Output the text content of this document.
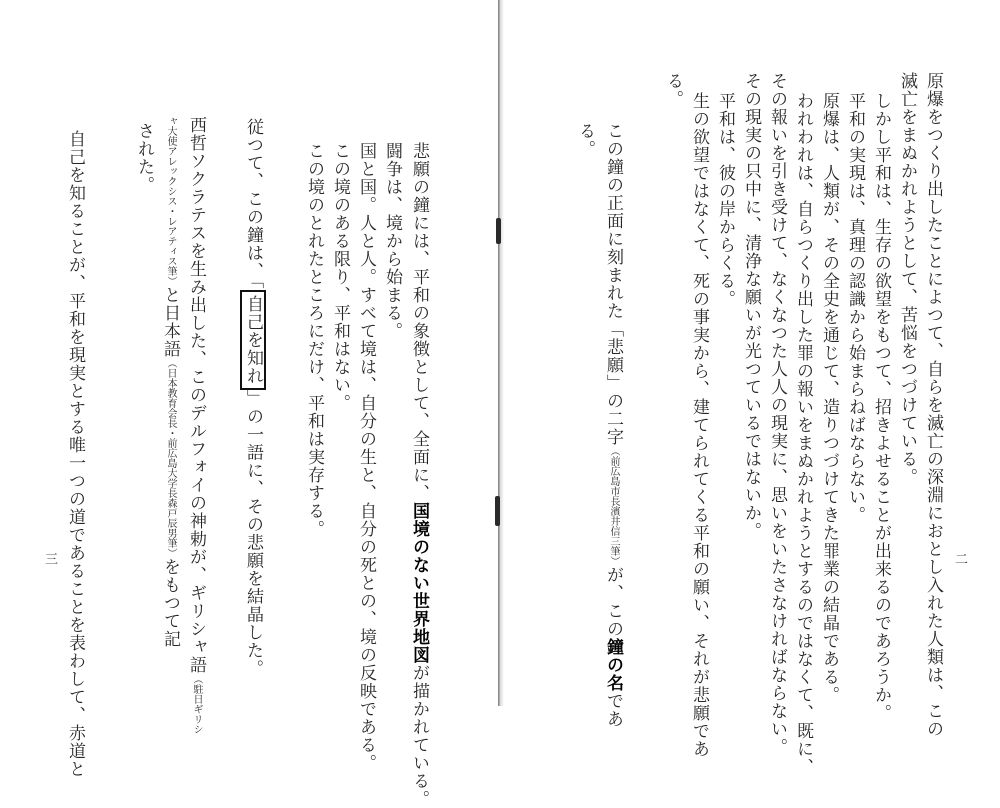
悲願の鐘には、平和の象徴として、全面に、国境のない世界地図が描かれている。
闘争は、境から始まる。
国と国。人と人。すべて境は、自分の生と、自分の死との、境の反映である。
この境のある限り、平和はない。
この境のとれたところにだけ、平和は実存する。
従つて、この鐘は、「自己を知れ」の一語に、その悲願を結晶した。
西哲ソクラテスを生み出した、このデルフォイの神勅が、ギリシャ語（駐日ギリシ
ャ大使アレックシス・レアティス筆）と日本語（日本教育会長・前広島大学長森戸辰男筆）をもつて記
された。
自己を知ることが、平和を現実とする唯一つの道であることを表わして、赤道と
三	原爆をつくり出したことによつて、自らを滅亡の深淵におとし入れた人類は、この
滅亡をまぬかれようとして、苦悩をつづけている。
しかし平和は、生存の欲望をもつて、招きよせることが出来るのであろうか。
平和の実現は、真理の認識から始まらねばならない。
原爆は、人類が、その全史を通じて、造りつづけてきた罪業の結晶である。
われわれは、自らつくり出した罪の報いをまぬかれようとするのではなくて、既に、
その報いを引き受けて、なくなつた人人の現実に、思いをいたさなければならない。
その現実の只中に、清浄な願いが光つているではないか。
平和は、彼の岸からくる。
生の欲望ではなくて、死の事実から、建てられてくる平和の願い、それが悲願であ
る。
この鐘の正面に刻まれた「悲願」の二字（前広島市長濱井信三筆）が、この鐘の名であ
る。
二
